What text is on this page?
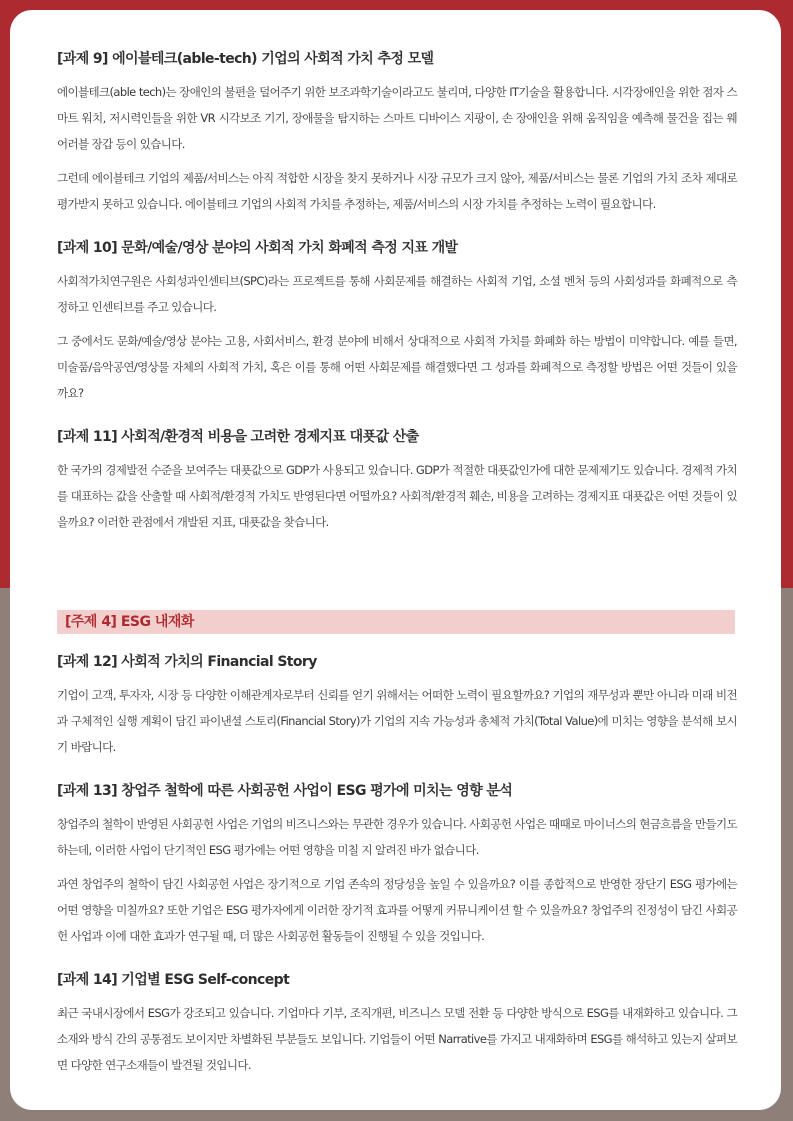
[과제 9] 에이블테크(able-tech) 기업의 사회적 가치 추정 모델

에이블테크(able tech)는 장애인의 불편을 덜어주기 위한 보조과학기술이라고도 불리며, 다양한 IT기술을 활용합니다. 시각장애인을 위한 점자 스마트 워치, 저시력인들을 위한 VR 시각보조 기기, 장애물을 탐지하는 스마트 디바이스 지팡이, 손 장애인을 위해 움직임을 예측해 물건을 집는 웨어러블 장갑 등이 있습니다.

그런데 에이블테크 기업의 제품/서비스는 아직 적합한 시장을 찾지 못하거나 시장 규모가 크지 않아, 제품/서비스는 물론 기업의 가치 조차 제대로 평가받지 못하고 있습니다. 에이블테크 기업의 사회적 가치를 추정하는, 제품/서비스의 시장 가치를 추정하는 노력이 필요합니다.

[과제 10] 문화/예술/영상 분야의 사회적 가치 화폐적 측정 지표 개발

사회적가치연구원은 사회성과인센티브(SPC)라는 프로젝트를 통해 사회문제를 해결하는 사회적 기업, 소셜 벤처 등의 사회성과를 화폐적으로 측정하고 인센티브를 주고 있습니다.

그 중에서도 문화/예술/영상 분야는 고용, 사회서비스, 환경 분야에 비해서 상대적으로 사회적 가치를 화폐화 하는 방법이 미약합니다. 예를 들면, 미술품/음악공연/영상물 자체의 사회적 가치, 혹은 이를 통해 어떤 사회문제를 해결했다면 그 성과를 화폐적으로 측정할 방법은 어떤 것들이 있을까요?

[과제 11] 사회적/환경적 비용을 고려한 경제지표 대푯값 산출

한 국가의 경제발전 수준을 보여주는 대푯값으로 GDP가 사용되고 있습니다. GDP가 적절한 대푯값인가에 대한 문제제기도 있습니다. 경제적 가치를 대표하는 값을 산출할 때 사회적/환경적 가치도 반영된다면 어떨까요? 사회적/환경적 훼손, 비용을 고려하는 경제지표 대푯값은 어떤 것들이 있을까요? 이러한 관점에서 개발된 지표, 대푯값을 찾습니다.

[주제 4] ESG 내재화
[과제 12] 사회적 가치의 Financial Story

기업이 고객, 투자자, 시장 등 다양한 이해관계자로부터 신뢰를 얻기 위해서는 어떠한 노력이 필요할까요? 기업의 재무성과 뿐만 아니라 미래 비전과 구체적인 실행 계획이 담긴 파이낸셜 스토리(Financial Story)가 기업의 지속 가능성과 총체적 가치(Total Value)에 미치는 영향을 분석해 보시기 바랍니다.

[과제 13] 창업주 철학에 따른 사회공헌 사업이 ESG 평가에 미치는 영향 분석

창업주의 철학이 반영된 사회공헌 사업은 기업의 비즈니스와는 무관한 경우가 있습니다. 사회공헌 사업은 때때로 마이너스의 현금흐름을 만들기도 하는데, 이러한 사업이 단기적인 ESG 평가에는 어떤 영향을 미칠 지 알려진 바가 없습니다.

과연 창업주의 철학이 담긴 사회공헌 사업은 장기적으로 기업 존속의 정당성을 높일 수 있을까요? 이를 종합적으로 반영한 장단기 ESG 평가에는 어떤 영향을 미칠까요? 또한 기업은 ESG 평가자에게 이러한 장기적 효과를 어떻게 커뮤니케이션 할 수 있을까요? 창업주의 진정성이 담긴 사회공헌 사업과 이에 대한 효과가 연구될 때, 더 많은 사회공헌 활동들이 진행될 수 있을 것입니다.

[과제 14] 기업별 ESG Self-concept

최근 국내시장에서 ESG가 강조되고 있습니다. 기업마다 기부, 조직개편, 비즈니스 모델 전환 등 다양한 방식으로 ESG를 내재화하고 있습니다. 그 소재와 방식 간의 공통점도 보이지만 차별화된 부분들도 보입니다. 기업들이 어떤 Narrative를 가지고 내재화하며 ESG를 해석하고 있는지 살펴보면 다양한 연구소재들이 발견될 것입니다.
